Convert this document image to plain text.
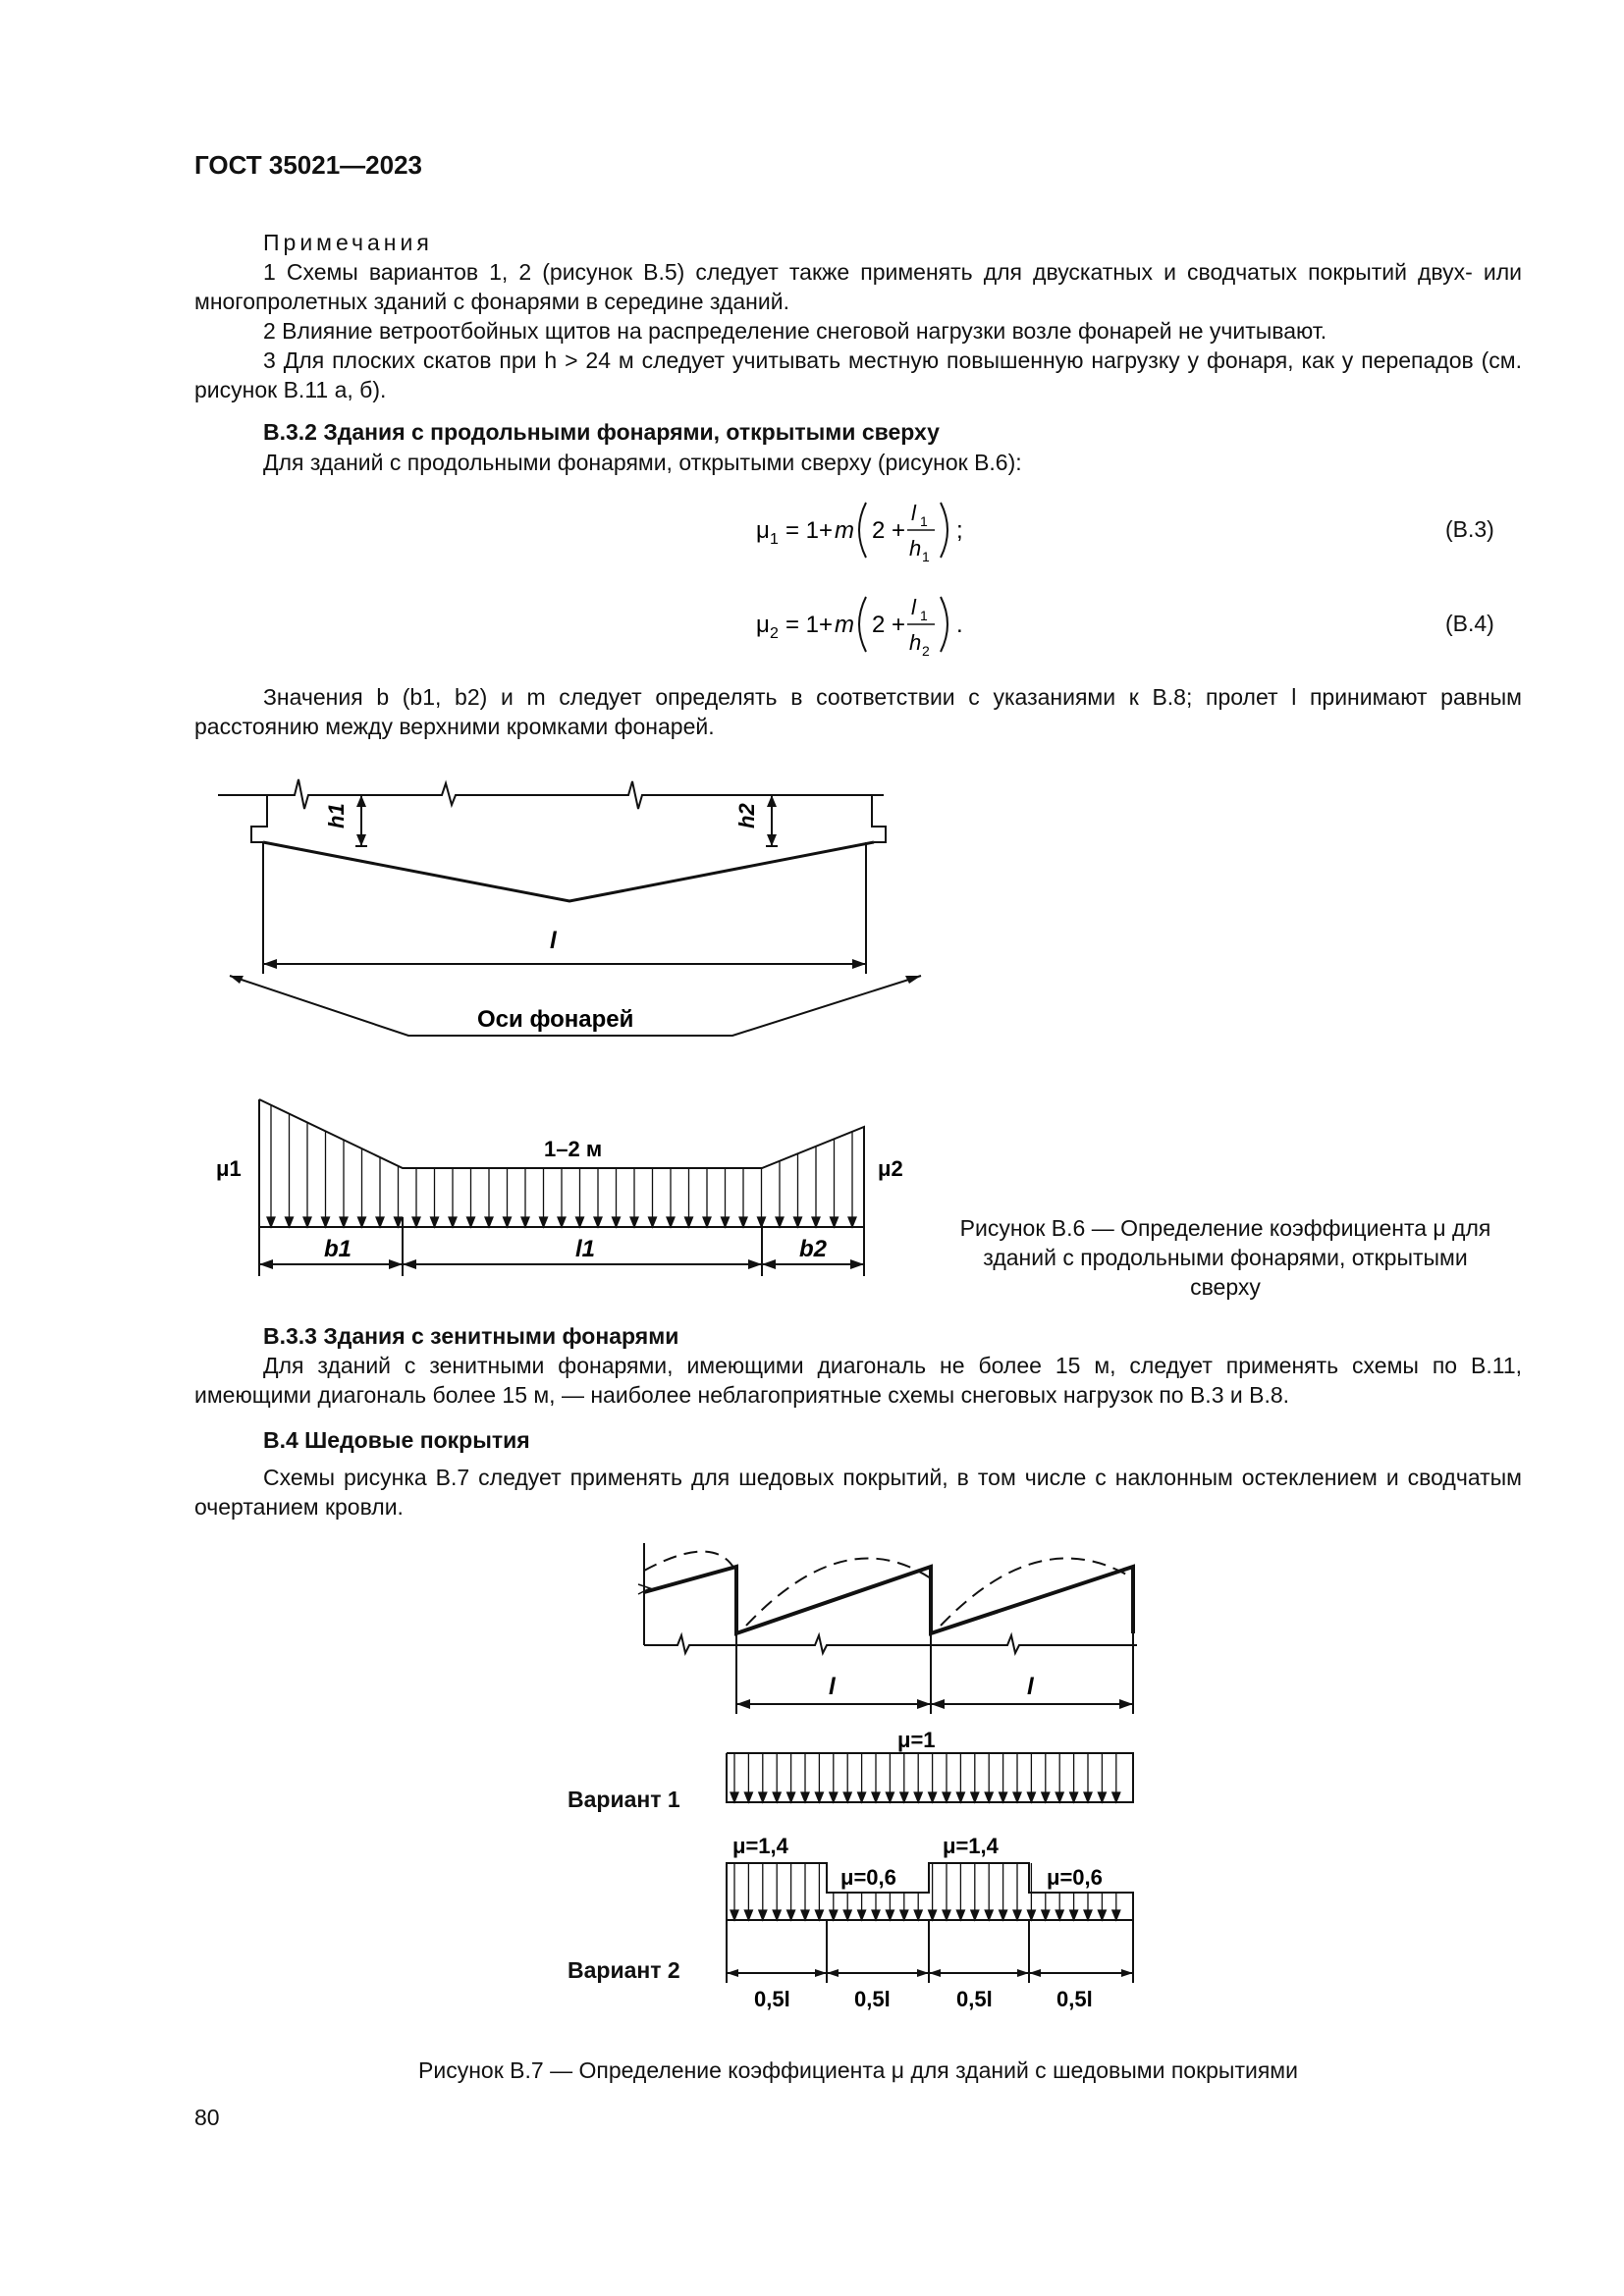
ГОСТ 35021—2023
Примечания
1 Схемы вариантов 1, 2 (рисунок В.5) следует также применять для двускатных и сводчатых покрытий двух- или многопролетных зданий с фонарями в середине зданий.
2 Влияние ветроотбойных щитов на распределение снеговой нагрузки возле фонарей не учитывают.
3 Для плоских скатов при h > 24 м следует учитывать местную повышенную нагрузку у фонаря, как у перепадов (см. рисунок В.11 а, б).
В.3.2 Здания с продольными фонарями, открытыми сверху
Для зданий с продольными фонарями, открытыми сверху (рисунок В.6):
μ 1 = 1+ m 2 +
l 1
h 1
;	(В.3)
μ 2 = 1+ m 2 +
l 1
h 2
.	(В.4)
Значения b (b1, b2) и m следует определять в соответствии с указаниями к В.8; пролет l принимают равным расстоянию между верхними кромками фонарей.
h1	h2
l
Оси фонарей
μ1	μ2
1–2 м
b1	l1	b2
Рисунок В.6 — Определение коэффициента μ для зданий с продольными фонарями, открытыми сверху
В.3.3 Здания с зенитными фонарями
Для зданий с зенитными фонарями, имеющими диагональ не более 15 м, следует применять схемы по В.11, имеющими диагональ более 15 м, — наиболее неблагоприятные схемы снеговых нагрузок по В.3 и В.8.
В.4 Шедовые покрытия
Схемы рисунка В.7 следует применять для шедовых покрытий, в том числе с наклонным остеклением и сводчатым очертанием кровли.
l	l
μ=1
μ=1,4
μ=0,6
μ=1,4
μ=0,6
0,5l	0,5l	0,5l	0,5l
Вариант 1
Вариант 2
Рисунок В.7 — Определение коэффициента μ для зданий с шедовыми покрытиями
80
